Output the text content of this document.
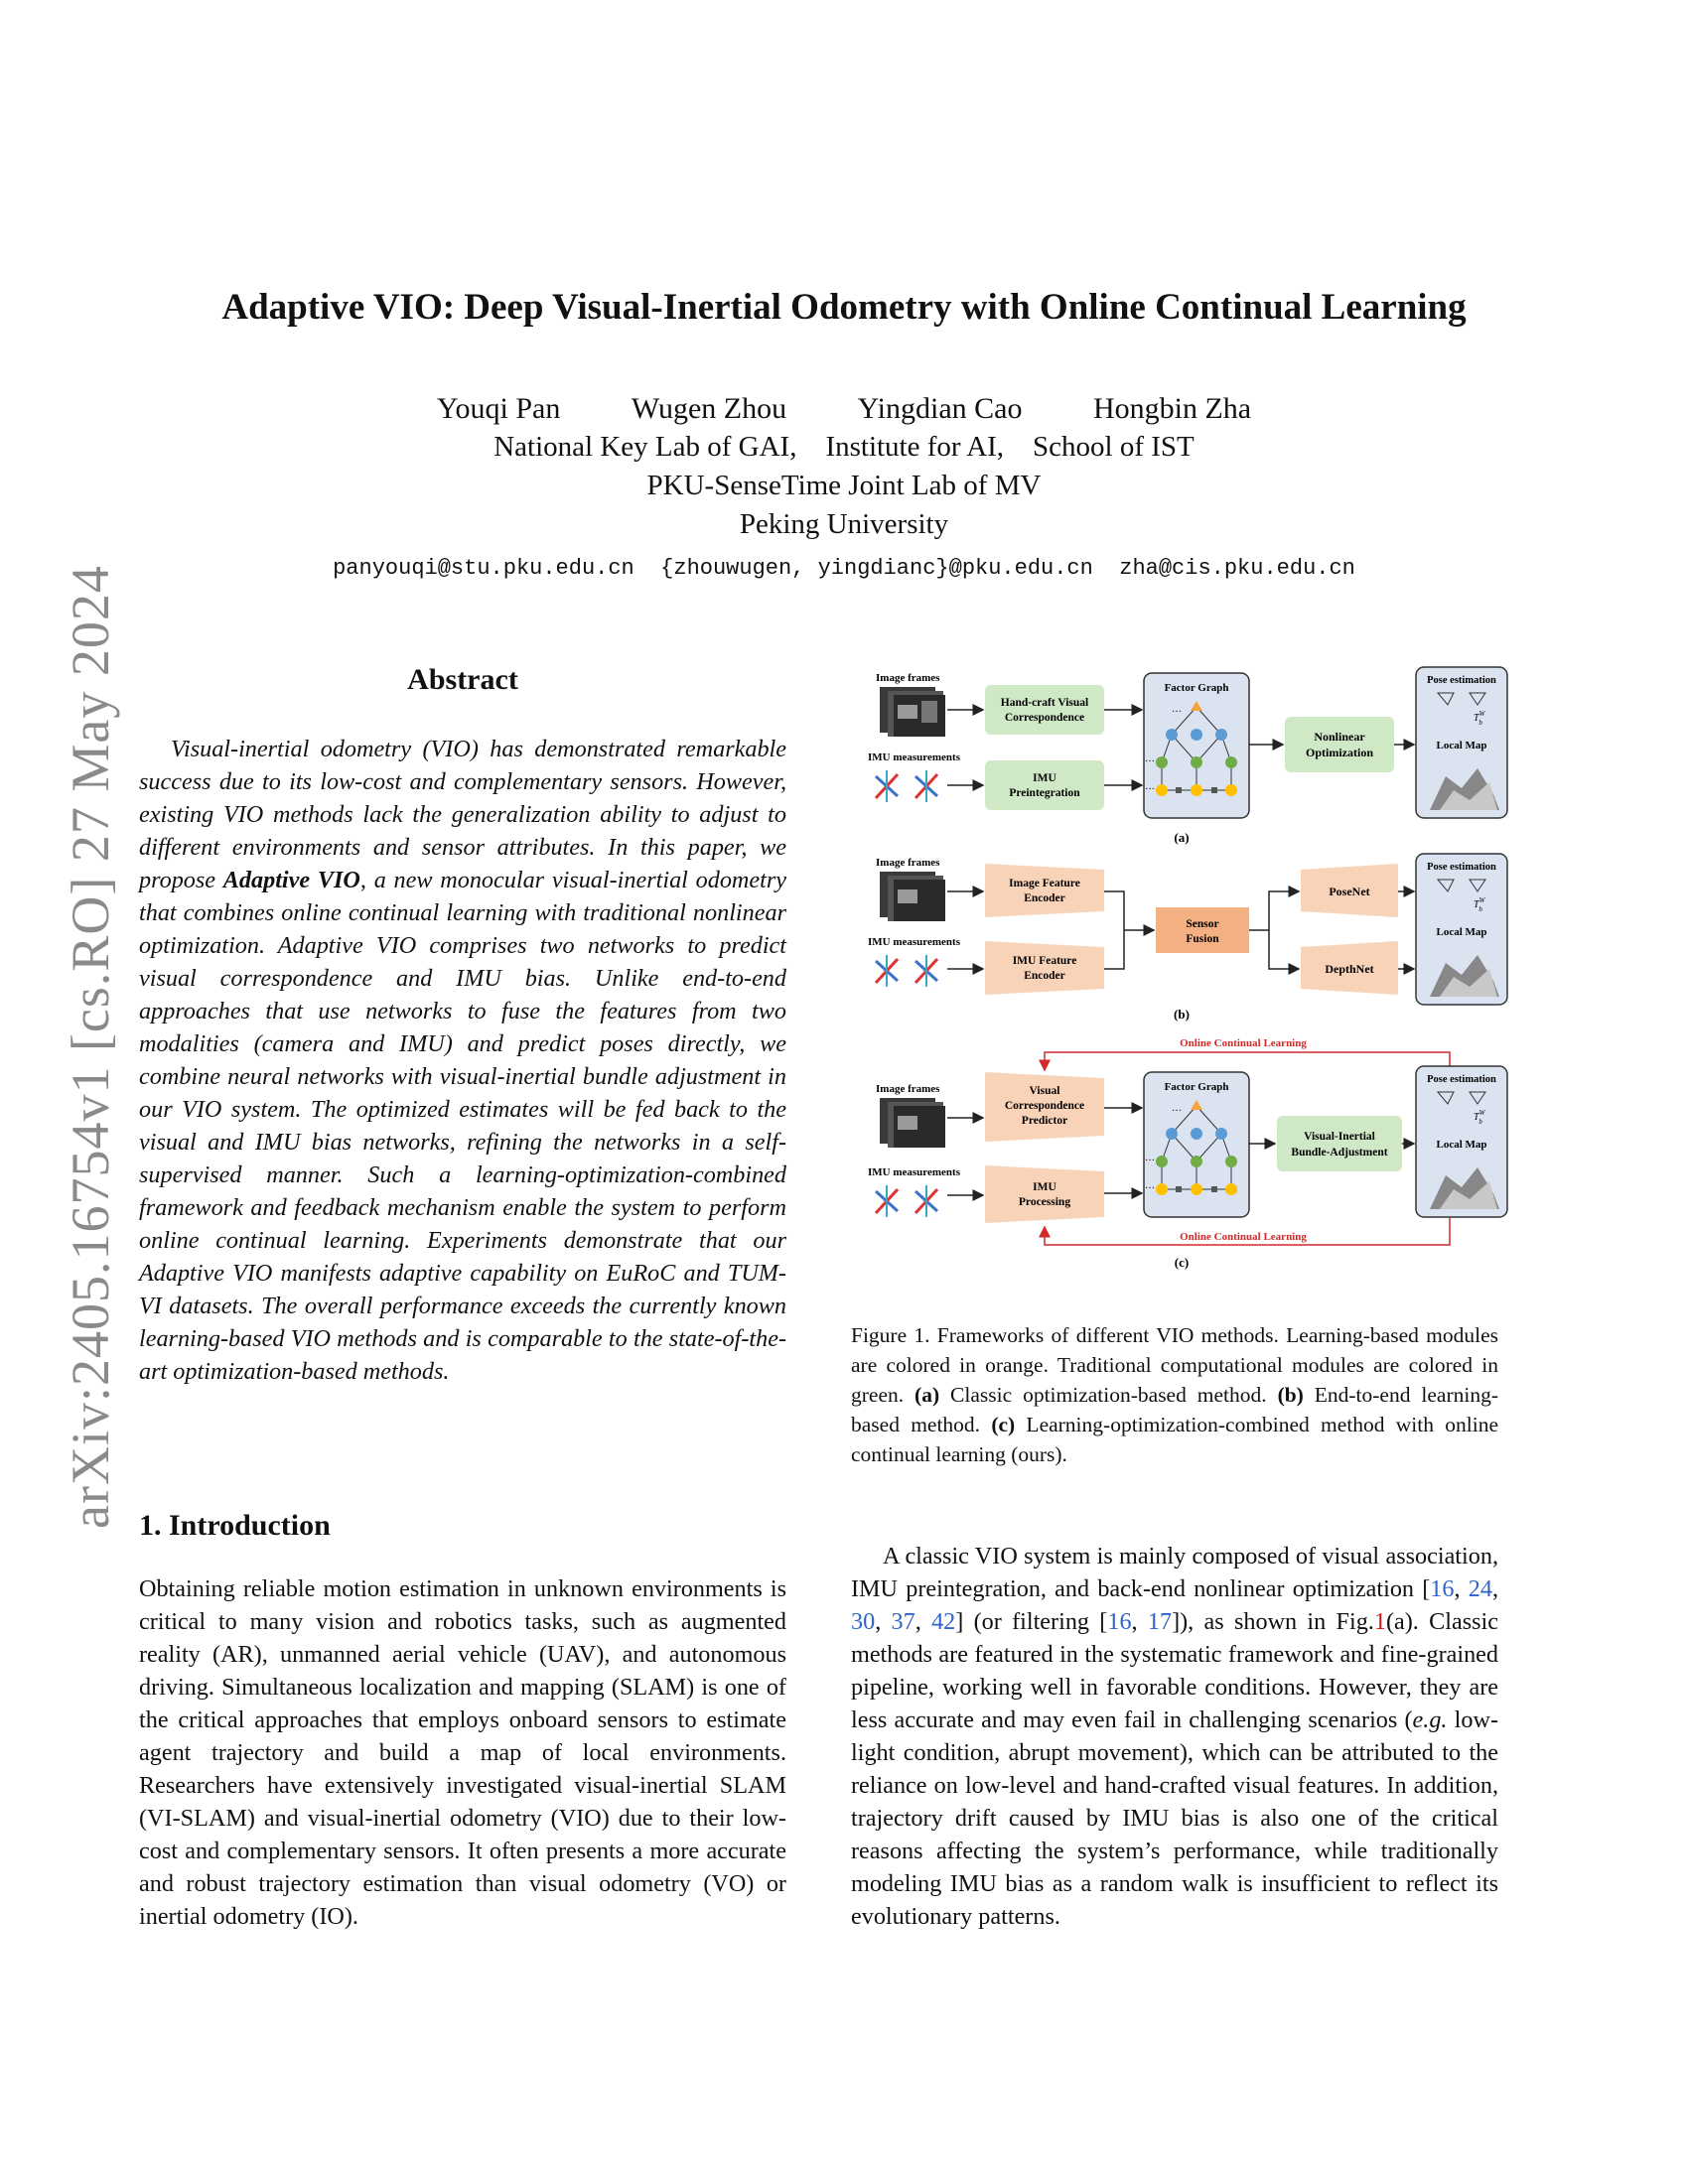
arXiv:2405.16754v1 [cs.RO] 27 May 2024
Adaptive VIO: Deep Visual-Inertial Odometry with Online Continual Learning
Youqi Pan Wugen Zhou Yingdian Cao Hongbin Zha
National Key Lab of GAI,    Institute for AI,    School of IST
PKU-SenseTime Joint Lab of MV
Peking University
panyouqi@stu.pku.edu.cn  {zhouwugen, yingdianc}@pku.edu.cn  zha@cis.pku.edu.cn
Abstract
Visual-inertial odometry (VIO) has demonstrated remarkable success due to its low-cost and complementary sensors. However, existing VIO methods lack the generalization ability to adjust to different environments and sensor attributes. In this paper, we propose Adaptive VIO, a new monocular visual-inertial odometry that combines online continual learning with traditional nonlinear optimization. Adaptive VIO comprises two networks to predict visual correspondence and IMU bias. Unlike end-to-end approaches that use networks to fuse the features from two modalities (camera and IMU) and predict poses directly, we combine neural networks with visual-inertial bundle adjustment in our VIO system. The optimized estimates will be fed back to the visual and IMU bias networks, refining the networks in a self-supervised manner. Such a learning-optimization-combined framework and feedback mechanism enable the system to perform online continual learning. Experiments demonstrate that our Adaptive VIO manifests adaptive capability on EuRoC and TUM-VI datasets. The overall performance exceeds the currently known learning-based VIO methods and is comparable to the state-of-the-art optimization-based methods.
1. Introduction
Obtaining reliable motion estimation in unknown environments is critical to many vision and robotics tasks, such as augmented reality (AR), unmanned aerial vehicle (UAV), and autonomous driving. Simultaneous localization and mapping (SLAM) is one of the critical approaches that employs onboard sensors to estimate agent trajectory and build a map of local environments. Researchers have extensively investigated visual-inertial SLAM (VI-SLAM) and visual-inertial odometry (VIO) due to their low-cost and complementary sensors. It often presents a more accurate and robust trajectory estimation than visual odometry (VO) or inertial odometry (IO).
Image frames
IMU measurements
Hand-craft Visual
Correspondence
IMU
Preintegration
Factor Graph
···
···
···
Nonlinear
Optimization
Pose estimation
$T^W$ b
Local Map
(a)
Image frames
IMU measurements
Image Feature
Encoder
IMU Feature
Encoder
Sensor
Fusion
PoseNet
DepthNet
Pose estimation
$T^W$ b
Local Map
(b)
Online Continual Learning
Image frames
IMU measurements
Visual
Correspondence
Predictor
IMU
Processing
Factor Graph
···
···
···
Visual-Inertial
Bundle-Adjustment
Pose estimation
$T^W$ b
Local Map
Online Continual Learning
(c)
Figure 1. Frameworks of different VIO methods. Learning-based modules are colored in orange. Traditional computational modules are colored in green. (a) Classic optimization-based method. (b) End-to-end learning-based method. (c) Learning-optimization-combined method with online continual learning (ours).
A classic VIO system is mainly composed of visual association, IMU preintegration, and back-end nonlinear optimization [16, 24, 30, 37, 42] (or filtering [16, 17]), as shown in Fig.1(a). Classic methods are featured in the systematic framework and fine-grained pipeline, working well in favorable conditions. However, they are less accurate and may even fail in challenging scenarios (e.g. low-light condition, abrupt movement), which can be attributed to the reliance on low-level and hand-crafted visual features. In addition, trajectory drift caused by IMU bias is also one of the critical reasons affecting the system’s performance, while traditionally modeling IMU bias as a random walk is insufficient to reflect its evolutionary patterns.
